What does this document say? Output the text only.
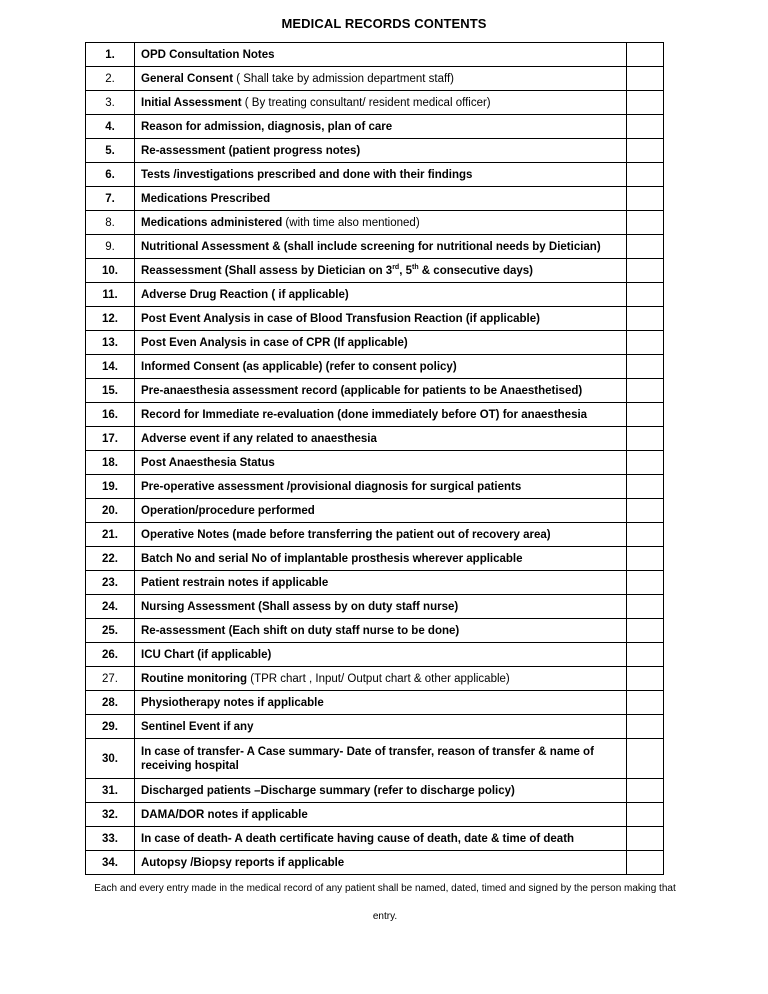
MEDICAL RECORDS CONTENTS
1.	OPD Consultation Notes	
2.	General Consent ( Shall take by admission department staff)	
3.	Initial Assessment ( By treating consultant/ resident medical officer)	
4.	Reason for admission, diagnosis, plan of care	
5.	Re-assessment (patient progress notes)	
6.	Tests /investigations prescribed and done with their findings	
7.	Medications Prescribed	
8.	Medications administered (with time also mentioned)	
9.	Nutritional Assessment & (shall include screening for nutritional needs by Dietician)	
10.	Reassessment (Shall assess by Dietician on 3rd, 5th & consecutive days)	
11.	Adverse Drug Reaction ( if applicable)	
12.	Post Event Analysis in case of Blood Transfusion Reaction (if applicable)	
13.	Post Even Analysis in case of CPR (If applicable)	
14.	Informed Consent (as applicable) (refer to consent policy)	
15.	Pre-anaesthesia assessment record (applicable for patients to be Anaesthetised)	
16.	Record for Immediate re-evaluation (done immediately before OT) for anaesthesia	
17.	Adverse event if any related to anaesthesia	
18.	Post Anaesthesia Status	
19.	Pre-operative assessment /provisional diagnosis for surgical patients	
20.	Operation/procedure performed	
21.	Operative Notes (made before transferring the patient out of recovery area)	
22.	Batch No and serial No of implantable prosthesis wherever applicable	
23.	Patient restrain notes if applicable	
24.	Nursing Assessment (Shall assess by on duty staff nurse)	
25.	Re-assessment (Each shift on duty staff nurse to be done)	
26.	ICU Chart (if applicable)	
27.	Routine monitoring (TPR chart , Input/ Output chart & other applicable)	
28.	Physiotherapy notes if applicable	
29.	Sentinel Event if any	
30.	In case of transfer- A Case summary- Date of transfer, reason of transfer & name of receiving hospital	
31.	Discharged patients –Discharge summary (refer to discharge policy)	
32.	DAMA/DOR notes if applicable	
33.	In case of death- A death certificate having cause of death, date & time of death	
34.	Autopsy /Biopsy reports if applicable	
Each and every entry made in the medical record of any patient shall be named, dated, timed and signed by the person making that entry.
